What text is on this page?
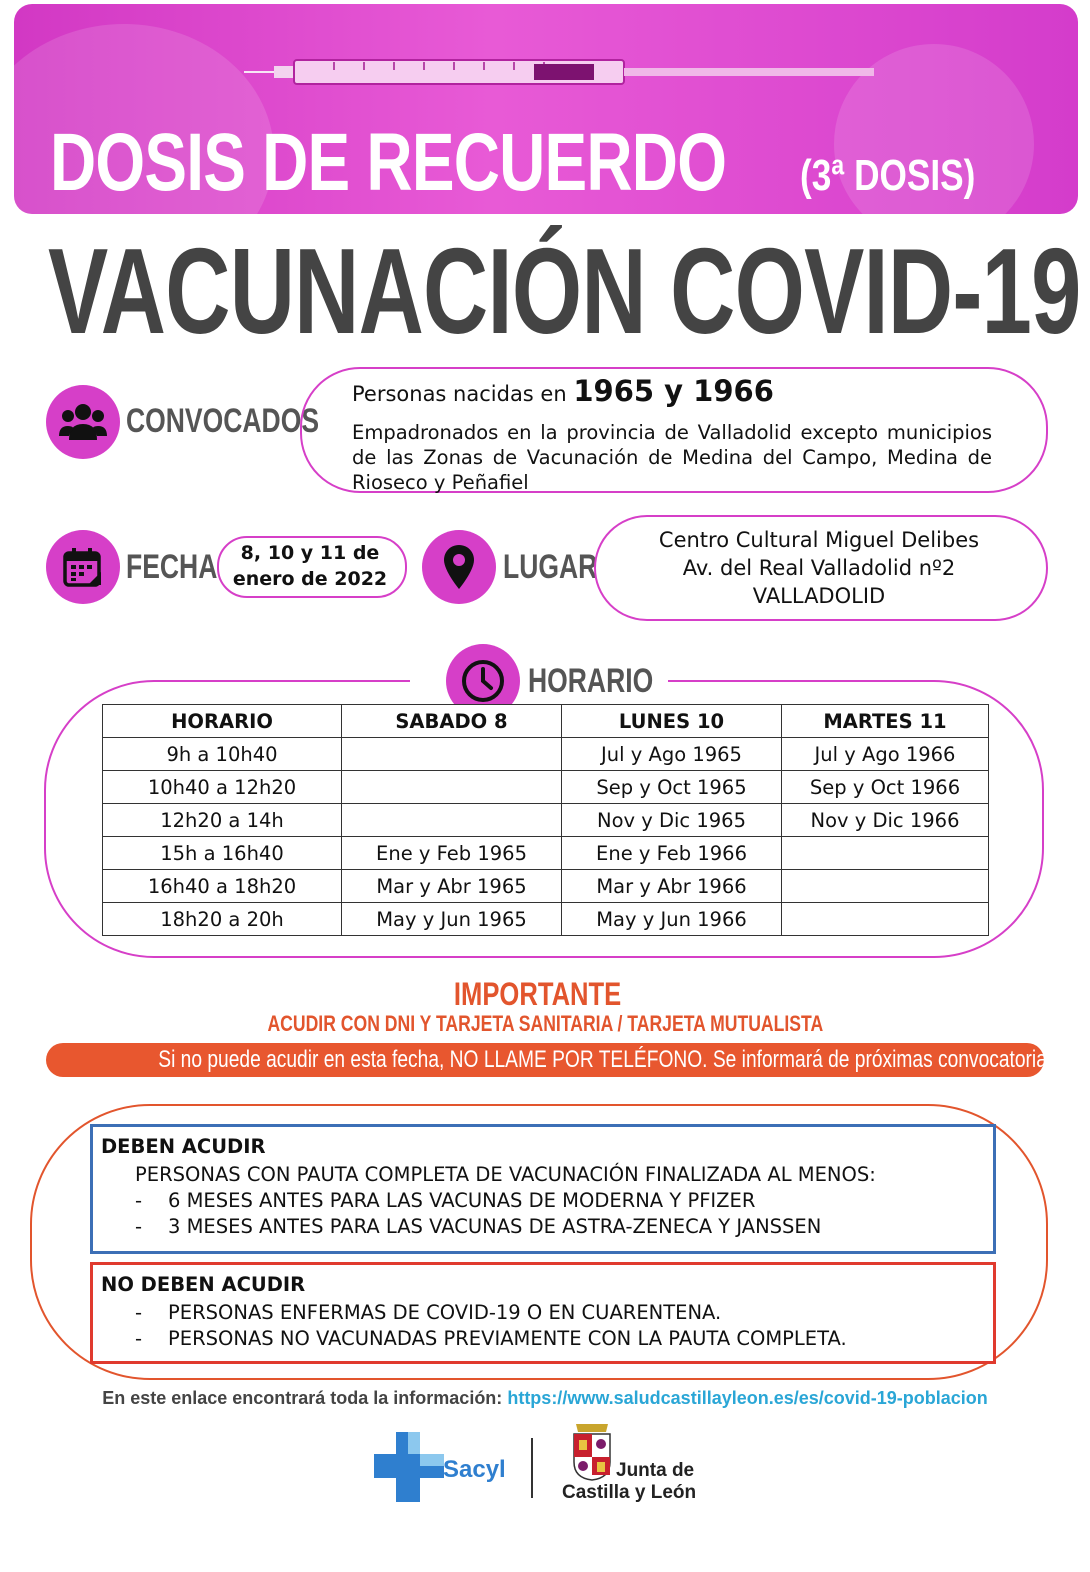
DOSIS DE RECUERDO (3ª DOSIS)
VACUNACIÓN COVID-19
CONVOCADOS
Personas nacidas en 1965 y 1966
Empadronados en la provincia de Valladolid excepto municipios de las Zonas de Vacunación de Medina del Campo, Medina de Rioseco y Peñafiel
FECHA	8, 10 y 11 de
enero de 2022	LUGAR
Centro Cultural Miguel Delibes
Av. del Real Valladolid nº2
VALLADOLID
HORARIO
HORARIO	SABADO 8	LUNES 10	MARTES 11
9h a 10h40		Jul y Ago 1965	Jul y Ago 1966
10h40 a 12h20		Sep y Oct 1965	Sep y Oct 1966
12h20 a 14h		Nov y Dic 1965	Nov y Dic 1966
15h a 16h40	Ene y Feb 1965	Ene y Feb 1966	
16h40 a 18h20	Mar y Abr 1965	Mar y Abr 1966	
18h20 a 20h	May y Jun 1965	May y Jun 1966	
IMPORTANTE
ACUDIR CON DNI Y TARJETA SANITARIA / TARJETA MUTUALISTA
Si no puede acudir en esta fecha, NO LLAME POR TELÉFONO. Se informará de próximas convocatorias
DEBEN ACUDIR
PERSONAS CON PAUTA COMPLETA DE VACUNACIÓN FINALIZADA AL MENOS:
- 6 MESES ANTES PARA LAS VACUNAS DE MODERNA Y PFIZER
- 3 MESES ANTES PARA LAS VACUNAS DE ASTRA-ZENECA Y JANSSEN
NO DEBEN ACUDIR
- PERSONAS ENFERMAS DE COVID-19 O EN CUARENTENA.
- PERSONAS NO VACUNADAS PREVIAMENTE CON LA PAUTA COMPLETA.
En este enlace encontrará toda la información: https://www.saludcastillayleon.es/es/covid-19-poblacion
Sacyl	Junta de
Castilla y León
